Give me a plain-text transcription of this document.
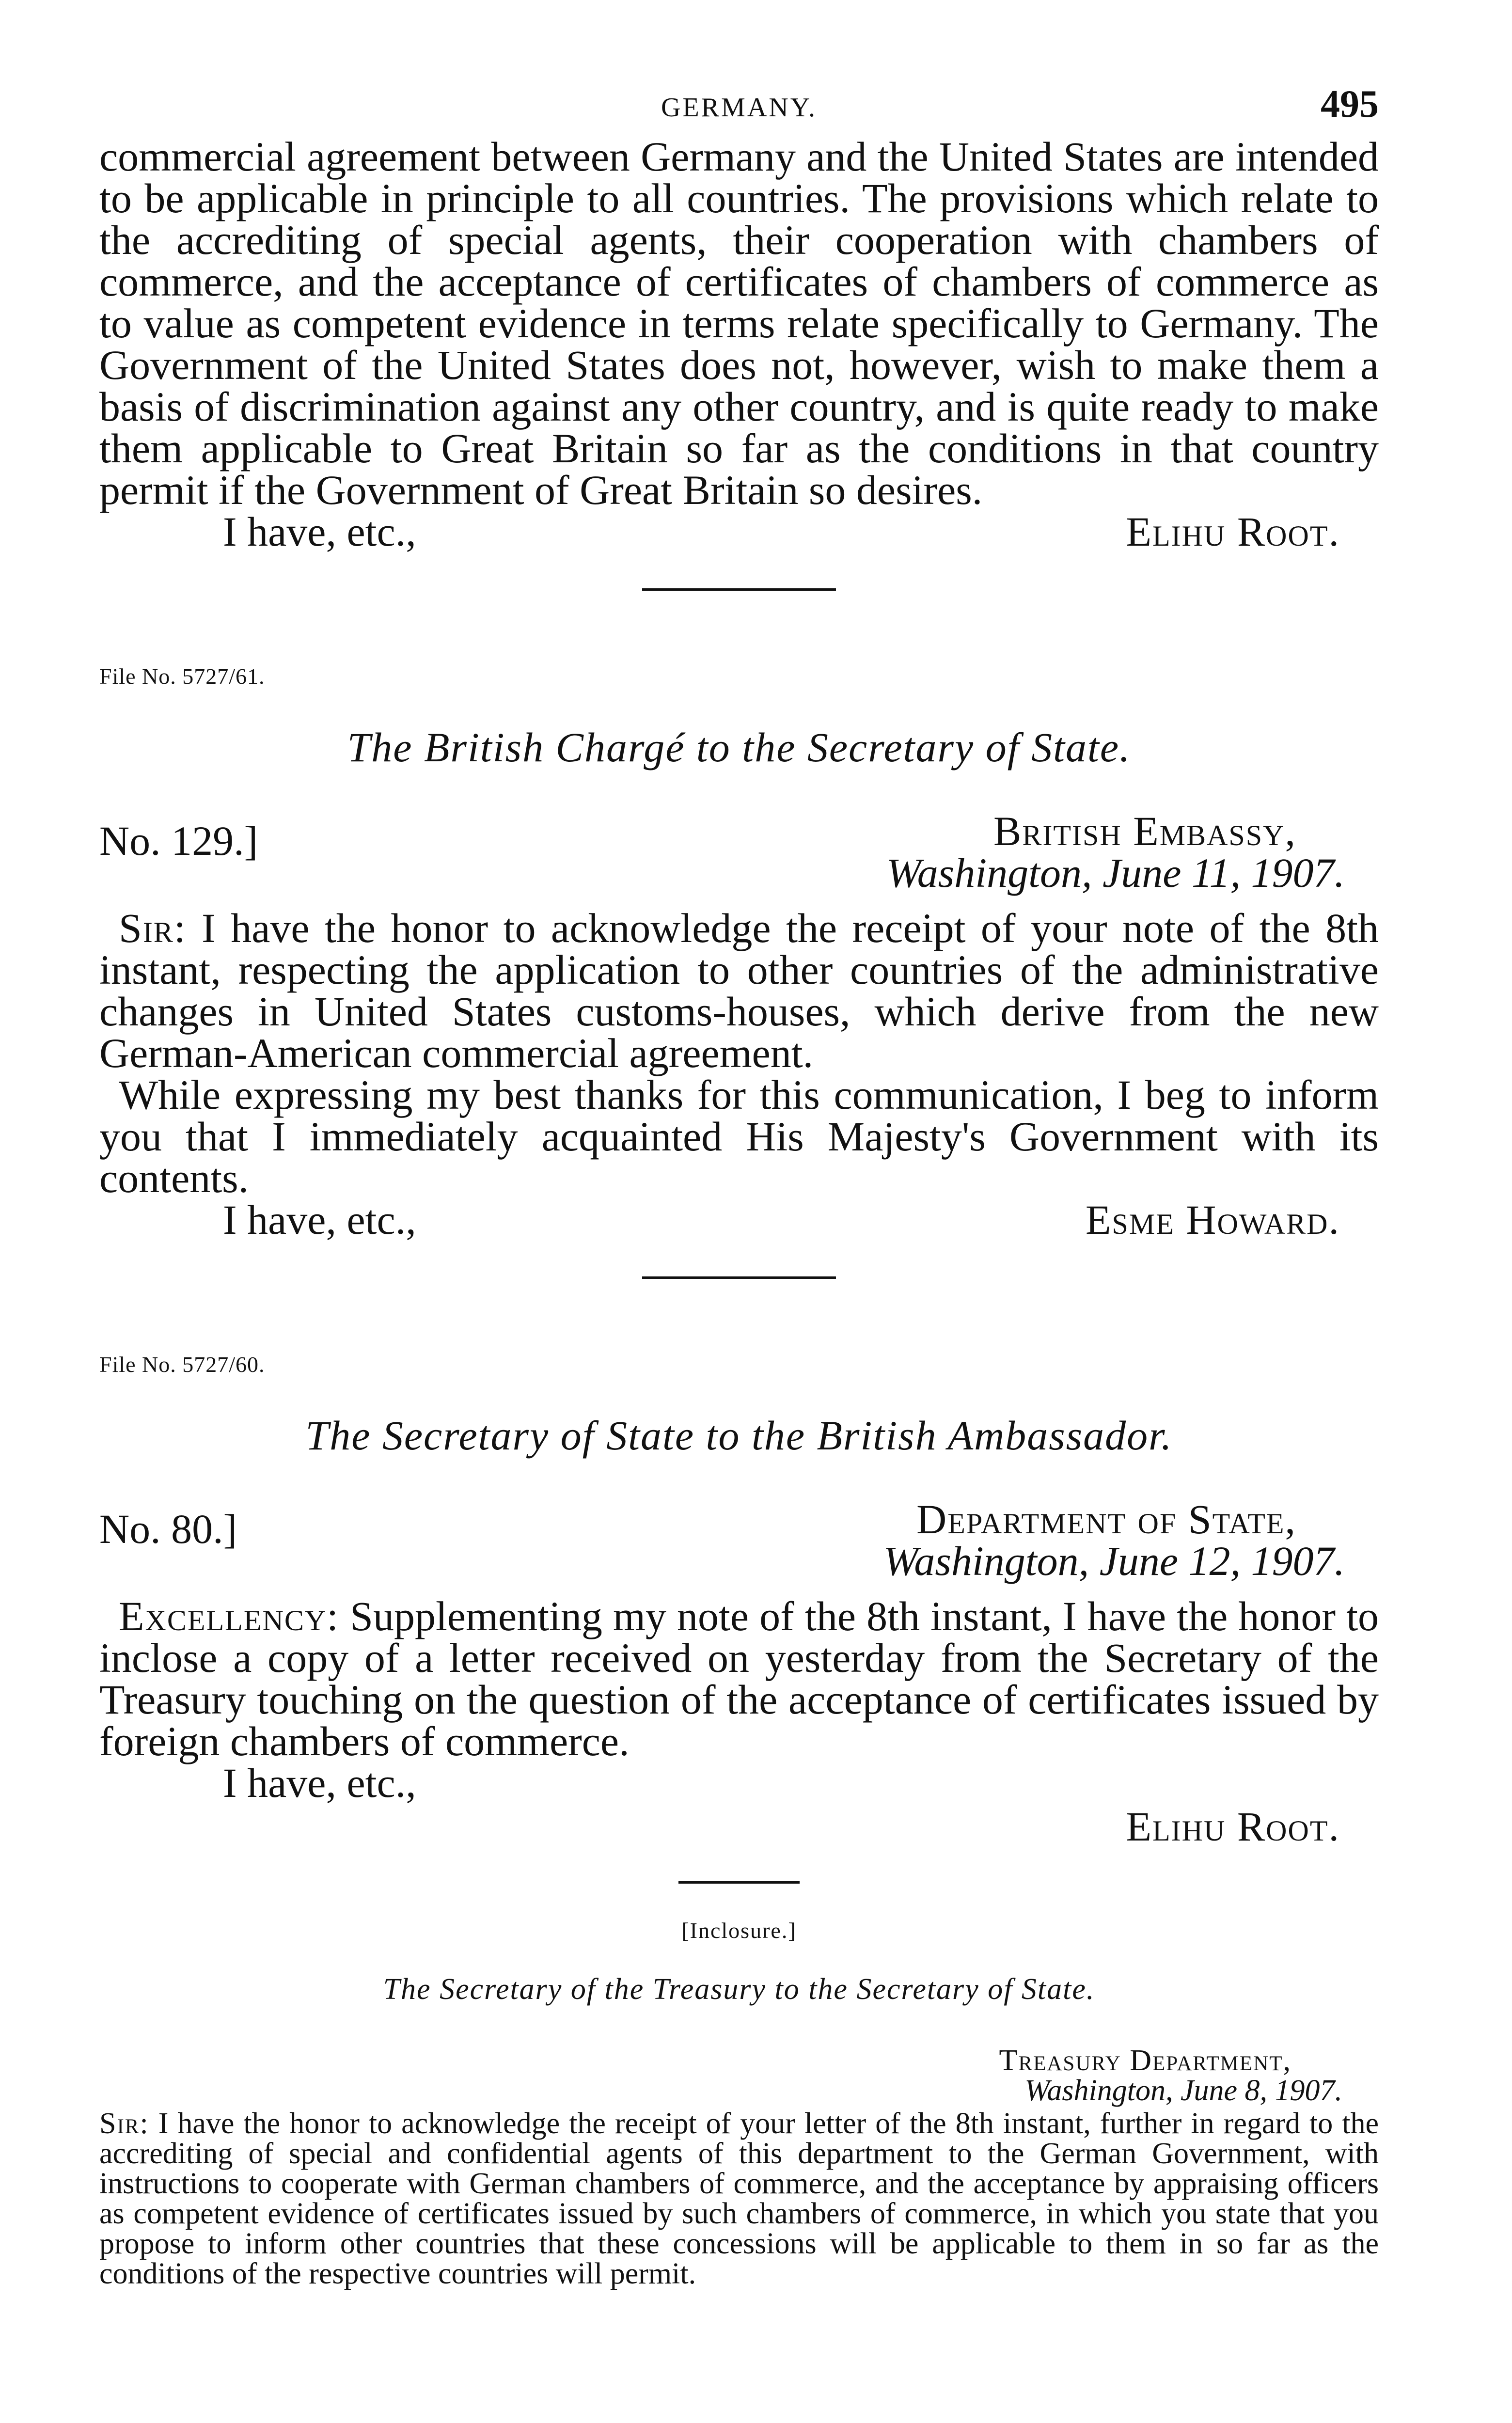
GERMANY.	495

commercial agreement between Germany and the United States are intended to be applicable in principle to all countries. The provisions which relate to the accrediting of special agents, their cooperation with chambers of commerce, and the acceptance of certificates of chambers of commerce as to value as competent evidence in terms relate specifically to Germany. The Government of the United States does not, however, wish to make them a basis of discrimination against any other country, and is quite ready to make them applicable to Great Britain so far as the conditions in that country permit if the Government of Great Britain so desires.

I have, etc.,	Elihu Root.
File No. 5727/61.
The British Chargé to the Secretary of State.
No. 129.]	British Embassy,
Washington, June 11, 1907.

Sir: I have the honor to acknowledge the receipt of your note of the 8th instant, respecting the application to other countries of the administrative changes in United States customs-houses, which derive from the new German-American commercial agreement.

While expressing my best thanks for this communication, I beg to inform you that I immediately acquainted His Majesty's Government with its contents.

I have, etc.,	Esme Howard.
File No. 5727/60.
The Secretary of State to the British Ambassador.
No. 80.]	Department of State,
Washington, June 12, 1907.

Excellency: Supplementing my note of the 8th instant, I have the honor to inclose a copy of a letter received on yesterday from the Secretary of the Treasury touching on the question of the acceptance of certificates issued by foreign chambers of commerce.

I have, etc.,
Elihu Root.
[Inclosure.]
The Secretary of the Treasury to the Secretary of State.
Treasury Department,
Washington, June 8, 1907.

Sir: I have the honor to acknowledge the receipt of your letter of the 8th instant, further in regard to the accrediting of special and confidential agents of this department to the German Government, with instructions to cooperate with German chambers of commerce, and the acceptance by appraising officers as competent evidence of certificates issued by such chambers of commerce, in which you state that you propose to inform other countries that these concessions will be applicable to them in so far as the conditions of the respective countries will permit.
